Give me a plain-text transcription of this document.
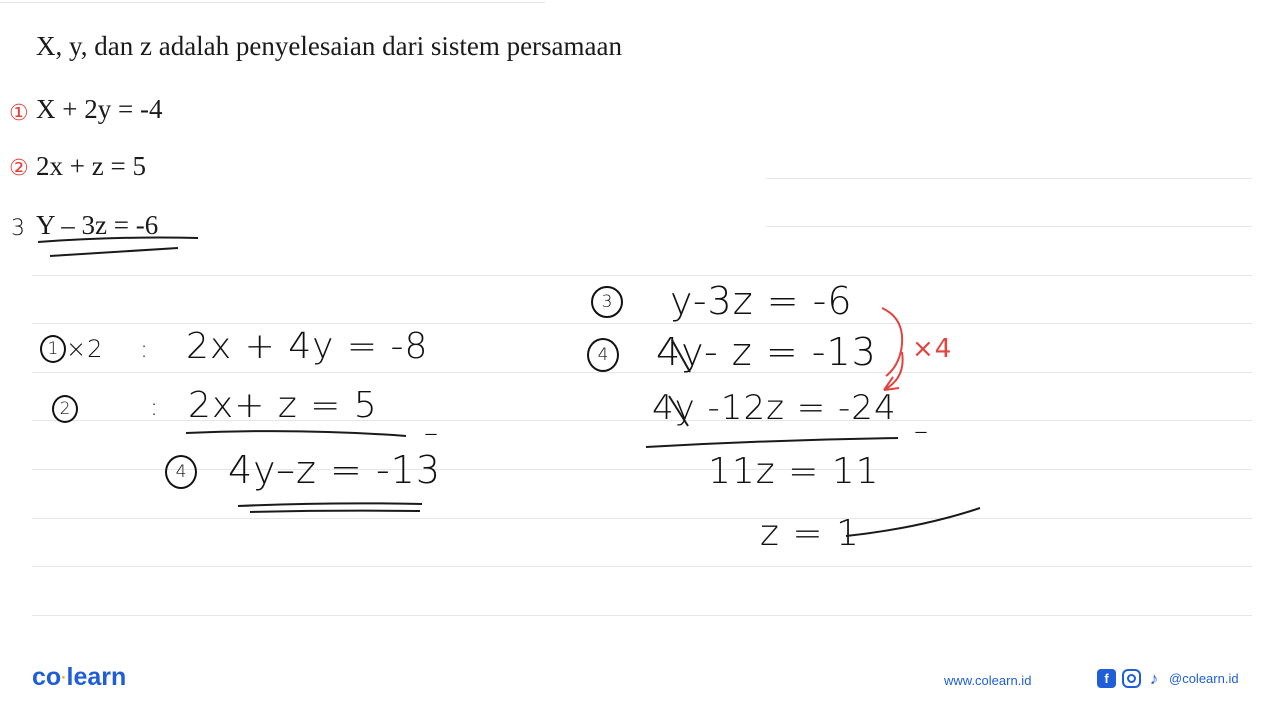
X, y, dan z adalah penyelesaian dari sistem persamaan
① X + 2y = -4
② 2x + z = 5
3 Y – 3z = -6
1 ×2 : 2x + 4y = -8
2	: 2x+ z = 5
–
4 4y–z = -13
3 y-3z = -6
4 4y- z = -13 ×4
4y -12z = -24
–
11z = 11
z = 1
co·learn	www.colearn.id	f	♪ @colearn.id
